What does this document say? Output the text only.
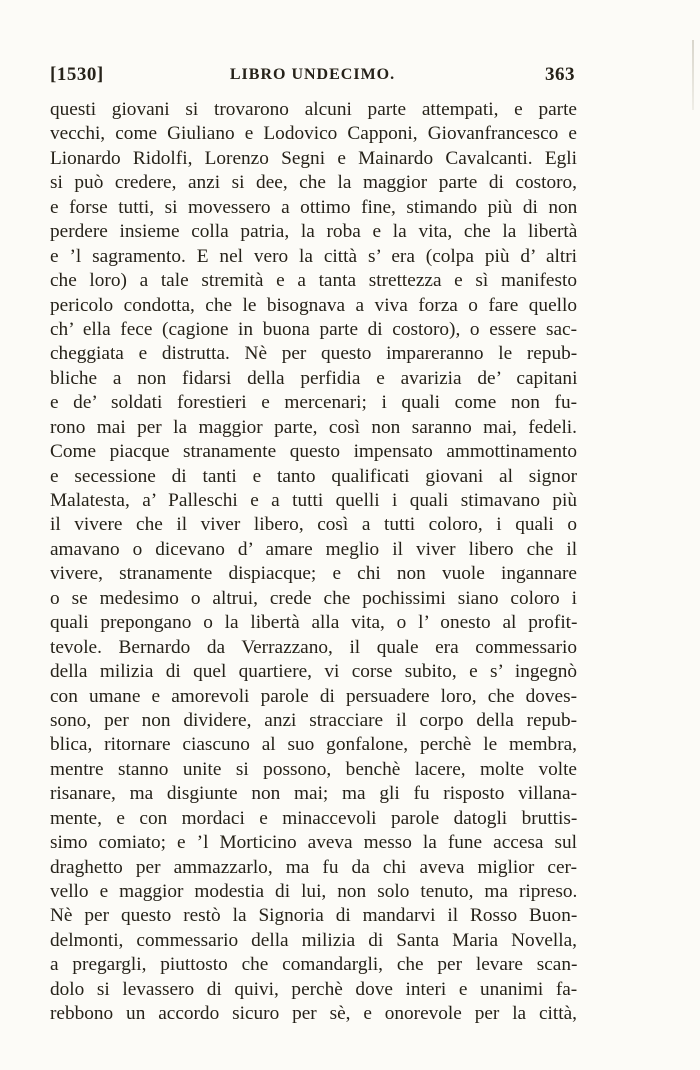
[1530]	LIBRO UNDECIMO.	363
questi giovani si trovarono alcuni parte attempati, e parte
vecchi, come Giuliano e Lodovico Capponi, Giovanfrancesco e
Lionardo Ridolfi, Lorenzo Segni e Mainardo Cavalcanti. Egli
si può credere, anzi si dee, che la maggior parte di costoro,
e forse tutti, si movessero a ottimo fine, stimando più di non
perdere insieme colla patria, la roba e la vita, che la libertà
e ’l sagramento. E nel vero la città s’ era (colpa più d’ altri
che loro) a tale stremità e a tanta strettezza e sì manifesto
pericolo condotta, che le bisognava a viva forza o fare quello
ch’ ella fece (cagione in buona parte di costoro), o essere sac-
cheggiata e distrutta. Nè per questo impareranno le repub-
bliche a non fidarsi della perfidia e avarizia de’ capitani
e de’ soldati forestieri e mercenari; i quali come non fu-
rono mai per la maggior parte, così non saranno mai, fedeli.
Come piacque stranamente questo impensato ammottinamento
e secessione di tanti e tanto qualificati giovani al signor
Malatesta, a’ Palleschi e a tutti quelli i quali stimavano più
il vivere che il viver libero, così a tutti coloro, i quali o
amavano o dicevano d’ amare meglio il viver libero che il
vivere, stranamente dispiacque; e chi non vuole ingannare
o se medesimo o altrui, crede che pochissimi siano coloro i
quali prepongano o la libertà alla vita, o l’ onesto al profit-
tevole. Bernardo da Verrazzano, il quale era commessario
della milizia di quel quartiere, vi corse subito, e s’ ingegnò
con umane e amorevoli parole di persuadere loro, che doves-
sono, per non dividere, anzi stracciare il corpo della repub-
blica, ritornare ciascuno al suo gonfalone, perchè le membra,
mentre stanno unite si possono, benchè lacere, molte volte
risanare, ma disgiunte non mai; ma gli fu risposto villana-
mente, e con mordaci e minaccevoli parole datogli bruttis-
simo comiato; e ’l Morticino aveva messo la fune accesa sul
draghetto per ammazzarlo, ma fu da chi aveva miglior cer-
vello e maggior modestia di lui, non solo tenuto, ma ripreso.
Nè per questo restò la Signoria di mandarvi il Rosso Buon-
delmonti, commessario della milizia di Santa Maria Novella,
a pregargli, piuttosto che comandargli, che per levare scan-
dolo si levassero di quivi, perchè dove interi e unanimi fa-
rebbono un accordo sicuro per sè, e onorevole per la città,
